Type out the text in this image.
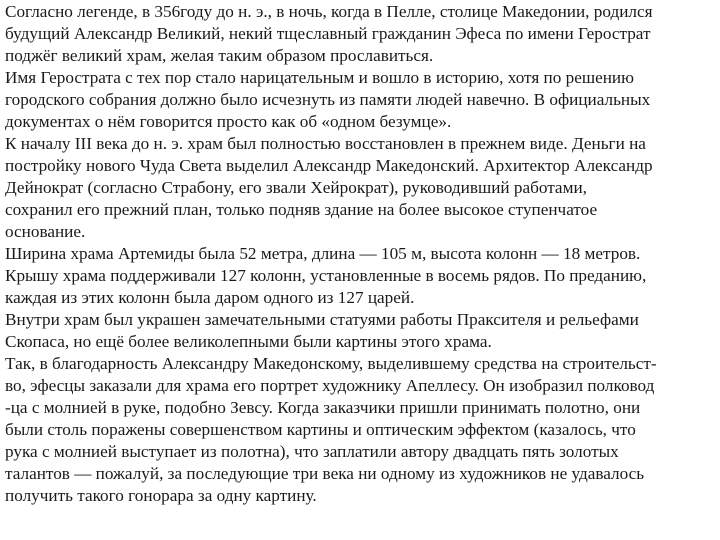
Согласно легенде, в 356году до н. э., в ночь, когда в Пелле, столице Македонии, родился
будущий Александр Великий, некий тщеславный гражданин Эфеса по имени Герострат
поджёг великий храм, желая таким образом прославиться.
Имя Герострата с тех пор стало нарицательным и вошло в историю, хотя по решению
городского собрания должно было исчезнуть из памяти людей навечно. В официальных
документах о нём говорится просто как об «одном безумце».
К началу III века до н. э. храм был полностью восстановлен в прежнем виде. Деньги на
постройку нового Чуда Света выделил Александр Македонский. Архитектор Александр
Дейнократ (согласно Страбону, его звали Хейрократ), руководивший работами,
сохранил его прежний план, только подняв здание на более высокое ступенчатое
основание.
Ширина храма Артемиды была 52 метра, длина — 105 м, высота колонн — 18 метров.
Крышу храма поддерживали 127 колонн, установленные в восемь рядов. По преданию,
каждая из этих колонн была даром одного из 127 царей.
Внутри храм был украшен замечательными статуями работы Праксителя и рельефами
Скопаса, но ещё более великолепными были картины этого храма.
Так, в благодарность Александру Македонскому, выделившему средства на строительст-
во, эфесцы заказали для храма его портрет художнику Апеллесу. Он изобразил полковод
-ца с молнией в руке, подобно Зевсу. Когда заказчики пришли принимать полотно, они
были столь поражены совершенством картины и оптическим эффектом (казалось, что
рука с молнией выступает из полотна), что заплатили автору двадцать пять золотых
талантов — пожалуй, за последующие три века ни одному из художников не удавалось
получить такого гонорара за одну картину.
